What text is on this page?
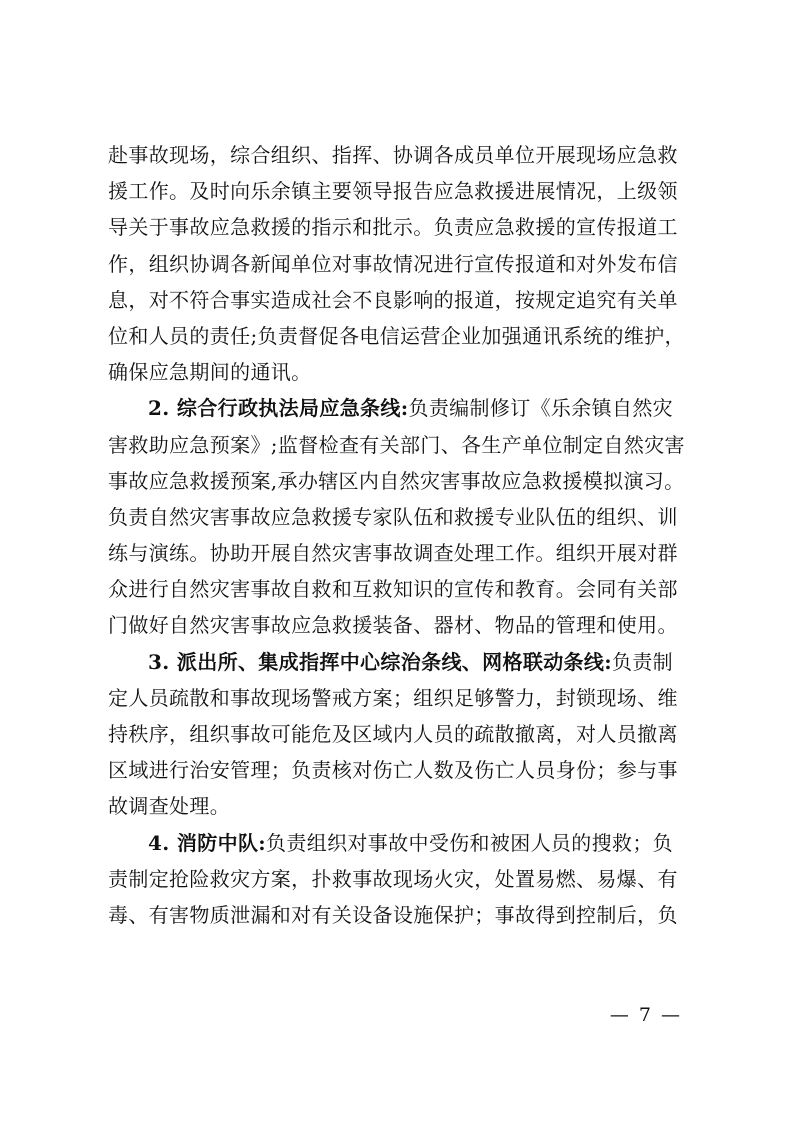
赴事故现场，综合组织、指挥、协调各成员单位开展现场应急救
援工作。及时向乐余镇主要领导报告应急救援进展情况，上级领
导关于事故应急救援的指示和批示。负责应急救援的宣传报道工
作，组织协调各新闻单位对事故情况进行宣传报道和对外发布信
息，对不符合事实造成社会不良影响的报道，按规定追究有关单
位和人员的责任;负责督促各电信运营企业加强通讯系统的维护，
确保应急期间的通讯。
2. 综合行政执法局应急条线:负责编制修订《乐余镇自然灾
害救助应急预案》;监督检查有关部门、各生产单位制定自然灾害
事故应急救援预案,承办辖区内自然灾害事故应急救援模拟演习。
负责自然灾害事故应急救援专家队伍和救援专业队伍的组织、训
练与演练。协助开展自然灾害事故调查处理工作。组织开展对群
众进行自然灾害事故自救和互救知识的宣传和教育。会同有关部
门做好自然灾害事故应急救援装备、器材、物品的管理和使用。
3. 派出所、集成指挥中心综治条线、网格联动条线:负责制
定人员疏散和事故现场警戒方案；组织足够警力，封锁现场、维
持秩序，组织事故可能危及区域内人员的疏散撤离，对人员撤离
区域进行治安管理；负责核对伤亡人数及伤亡人员身份；参与事
故调查处理。
4. 消防中队:负责组织对事故中受伤和被困人员的搜救；负
责制定抢险救灾方案，扑救事故现场火灾，处置易燃、易爆、有
毒、有害物质泄漏和对有关设备设施保护；事故得到控制后，负
— 7 —
